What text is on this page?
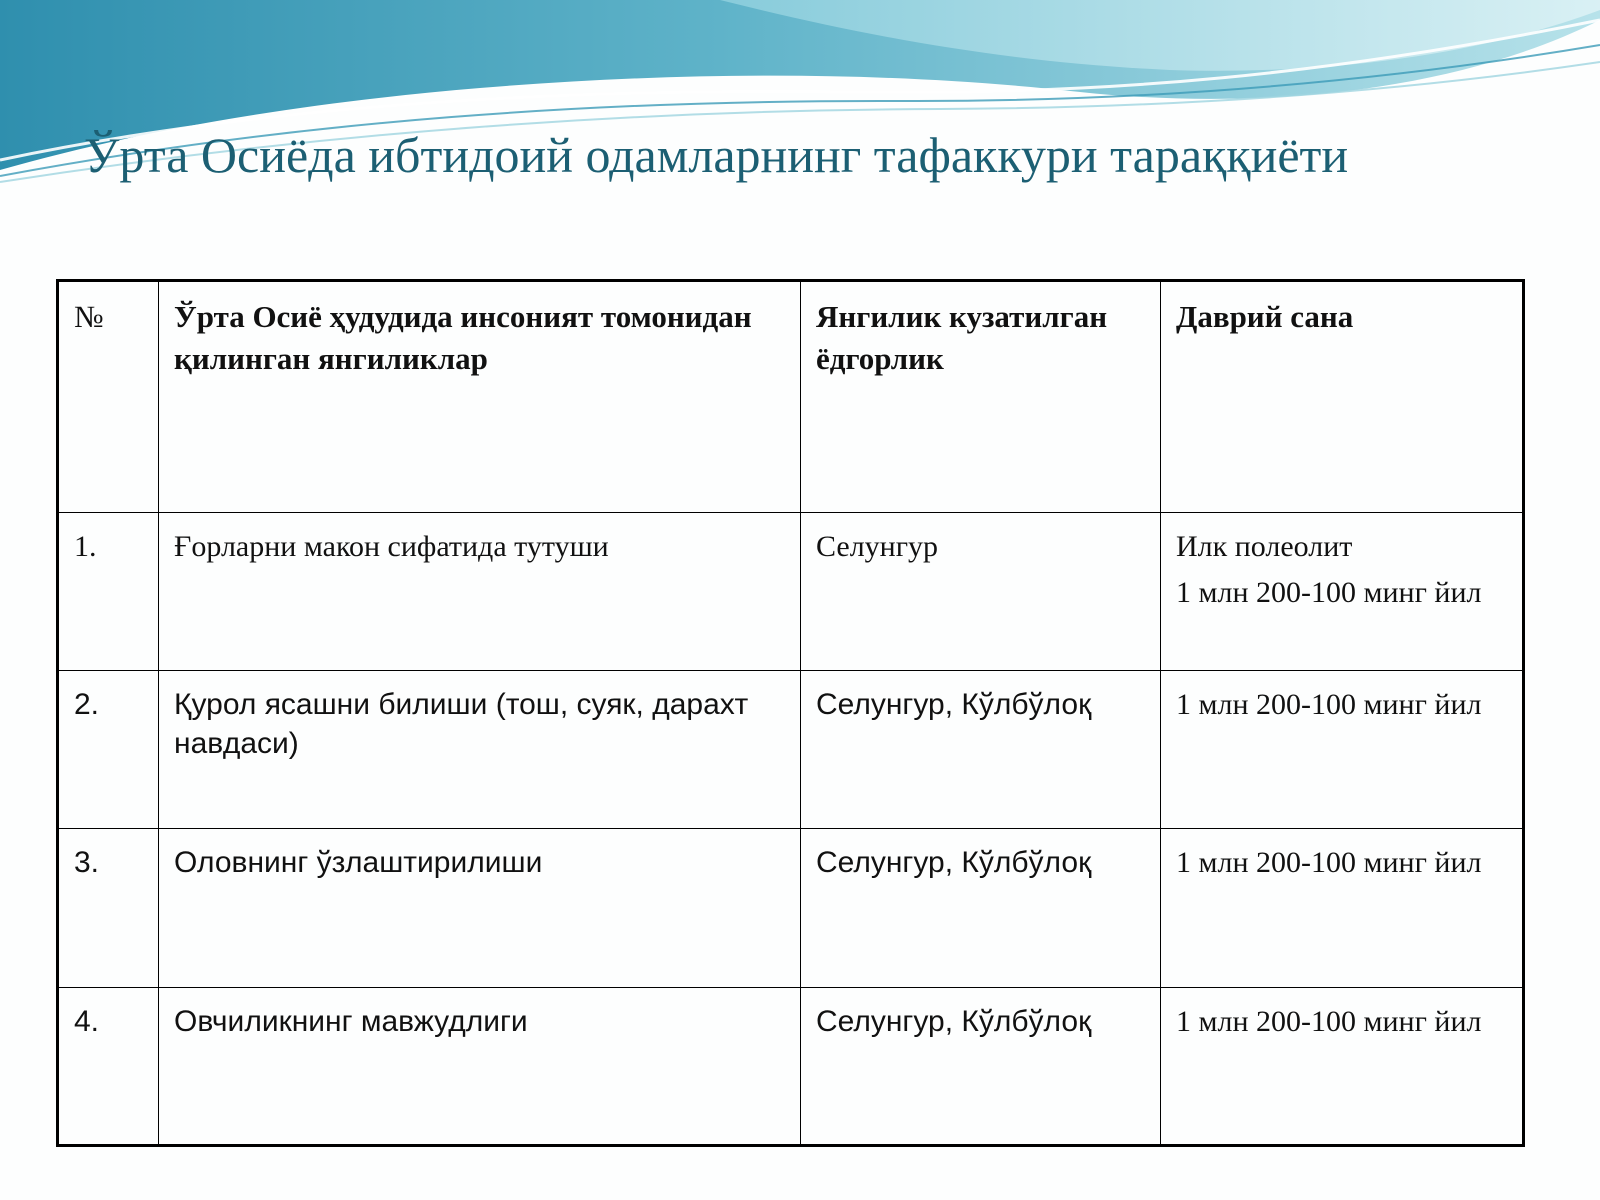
Ўрта Осиёда ибтидоий одамларнинг тафаккури тараққиёти
№	Ўрта Осиё ҳудудида инсоният томонидан қилинган янгиликлар	Янгилик кузатилган ёдгорлик	Даврий сана
1.	Ғорларни макон сифатида тутуши	Селунгур	Илк полеолит
1 млн 200-100 минг йил

2.	Қурол ясашни билиши (тош, суяк, дарахт навдаси)	Селунгур, Кўлбўлоқ	1 млн 200-100 минг йил

3.	Оловнинг ўзлаштирилиши	Селунгур, Кўлбўлоқ	1 млн 200-100 минг йил

4.	Овчиликнинг мавжудлиги	Селунгур, Кўлбўлоқ	1 млн 200-100 минг йил
